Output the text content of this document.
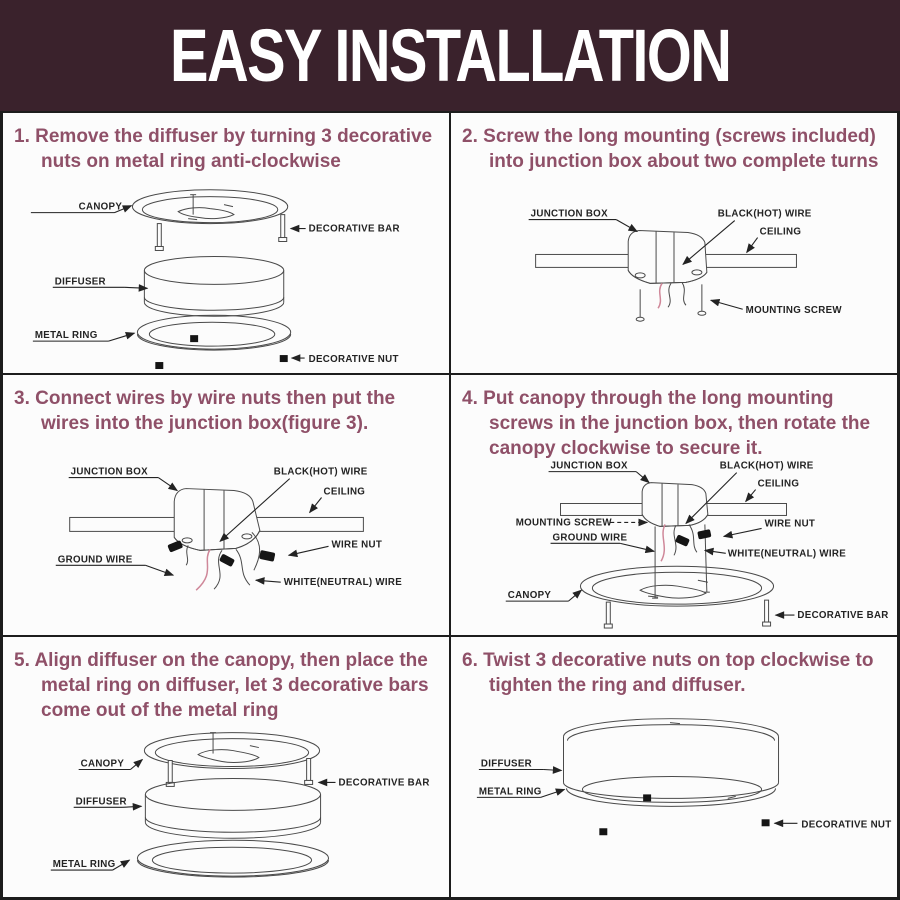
EASY INSTALLATION

1. Remove the diffuser by turning 3 decorative nuts on metal ring anti-clockwise

CANOPY
DECORATIVE BAR
DIFFUSER
METAL RING
DECORATIVE NUT

2. Screw the long mounting (screws included) into junction box about two complete turns

JUNCTION BOX	BLACK(HOT) WIRE
CEILING
MOUNTING SCREW

3. Connect wires by wire nuts then put the wires into the junction box(figure 3).

JUNCTION BOX	BLACK(HOT) WIRE
CEILING
GROUND WIRE
WIRE NUT
WHITE(NEUTRAL) WIRE

4. Put canopy through the long mounting screws in the junction box, then rotate the canopy clockwise to secure it.

JUNCTION BOX	BLACK(HOT) WIRE
CEILING
MOUNTING SCREW
GROUND WIRE
WIRE NUT
WHITE(NEUTRAL) WIRE
CANOPY
DECORATIVE BAR

5. Align diffuser on the canopy, then place the metal ring on diffuser, let 3 decorative bars come out of the metal ring

CANOPY
DECORATIVE BAR
DIFFUSER
METAL RING

6. Twist 3 decorative nuts on top clockwise to tighten the ring and diffuser.

DIFFUSER
METAL RING
DECORATIVE NUT
